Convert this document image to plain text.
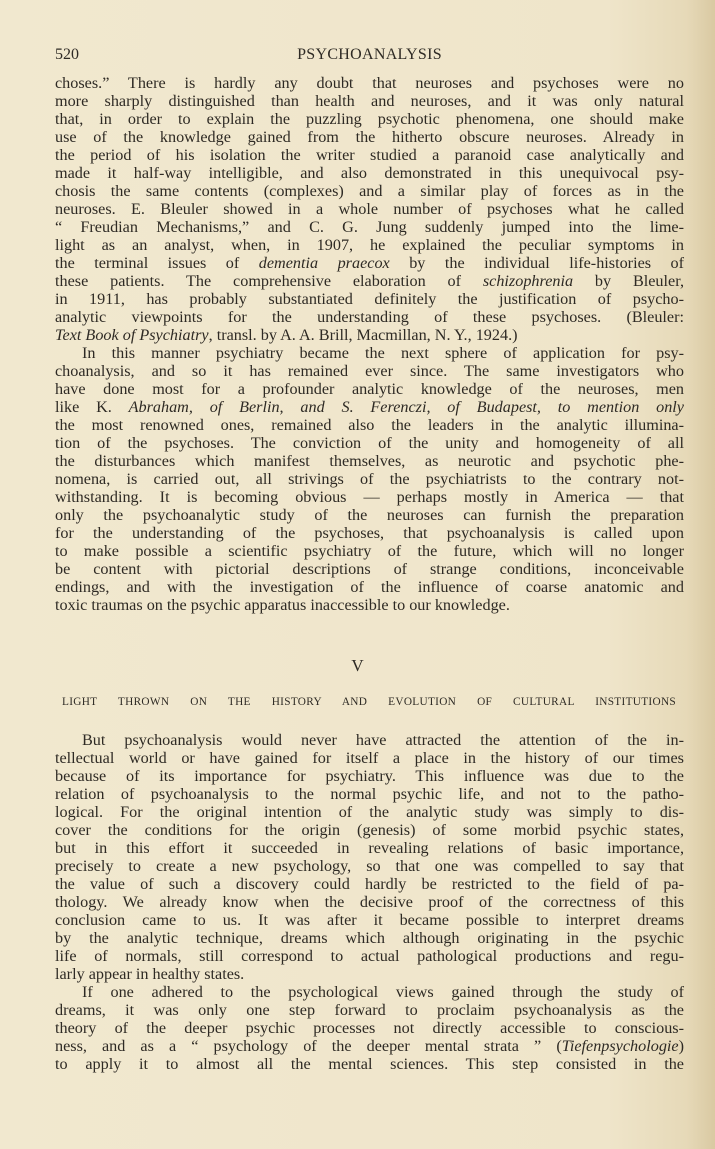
520	PSYCHOANALYSIS
choses.” There is hardly any doubt that neuroses and psychoses were no
more sharply distinguished than health and neuroses, and it was only natural
that, in order to explain the puzzling psychotic phenomena, one should make
use of the knowledge gained from the hitherto obscure neuroses. Already in
the period of his isolation the writer studied a paranoid case analytically and
made it half-way intelligible, and also demonstrated in this unequivocal psy-
chosis the same contents (complexes) and a similar play of forces as in the
neuroses. E. Bleuler showed in a whole number of psychoses what he called
“ Freudian Mechanisms,” and C. G. Jung suddenly jumped into the lime-
light as an analyst, when, in 1907, he explained the peculiar symptoms in
the terminal issues of dementia praecox by the individual life-histories of
these patients. The comprehensive elaboration of schizophrenia by Bleuler,
in 1911, has probably substantiated definitely the justification of psycho-
analytic viewpoints for the understanding of these psychoses. (Bleuler:
Text Book of Psychiatry, transl. by A. A. Brill, Macmillan, N. Y., 1924.)
In this manner psychiatry became the next sphere of application for psy-
choanalysis, and so it has remained ever since. The same investigators who
have done most for a profounder analytic knowledge of the neuroses, men
like K. Abraham, of Berlin, and S. Ferenczi, of Budapest, to mention only
the most renowned ones, remained also the leaders in the analytic illumina-
tion of the psychoses. The conviction of the unity and homogeneity of all
the disturbances which manifest themselves, as neurotic and psychotic phe-
nomena, is carried out, all strivings of the psychiatrists to the contrary not-
withstanding. It is becoming obvious — perhaps mostly in America — that
only the psychoanalytic study of the neuroses can furnish the preparation
for the understanding of the psychoses, that psychoanalysis is called upon
to make possible a scientific psychiatry of the future, which will no longer
be content with pictorial descriptions of strange conditions, inconceivable
endings, and with the investigation of the influence of coarse anatomic and
toxic traumas on the psychic apparatus inaccessible to our knowledge.
V
LIGHT THROWN ON THE HISTORY AND EVOLUTION OF CULTURAL INSTITUTIONS
But psychoanalysis would never have attracted the attention of the in-
tellectual world or have gained for itself a place in the history of our times
because of its importance for psychiatry. This influence was due to the
relation of psychoanalysis to the normal psychic life, and not to the patho-
logical. For the original intention of the analytic study was simply to dis-
cover the conditions for the origin (genesis) of some morbid psychic states,
but in this effort it succeeded in revealing relations of basic importance,
precisely to create a new psychology, so that one was compelled to say that
the value of such a discovery could hardly be restricted to the field of pa-
thology. We already know when the decisive proof of the correctness of this
conclusion came to us. It was after it became possible to interpret dreams
by the analytic technique, dreams which although originating in the psychic
life of normals, still correspond to actual pathological productions and regu-
larly appear in healthy states.
If one adhered to the psychological views gained through the study of
dreams, it was only one step forward to proclaim psychoanalysis as the
theory of the deeper psychic processes not directly accessible to conscious-
ness, and as a “ psychology of the deeper mental strata ” (Tiefenpsychologie)
to apply it to almost all the mental sciences. This step consisted in the
